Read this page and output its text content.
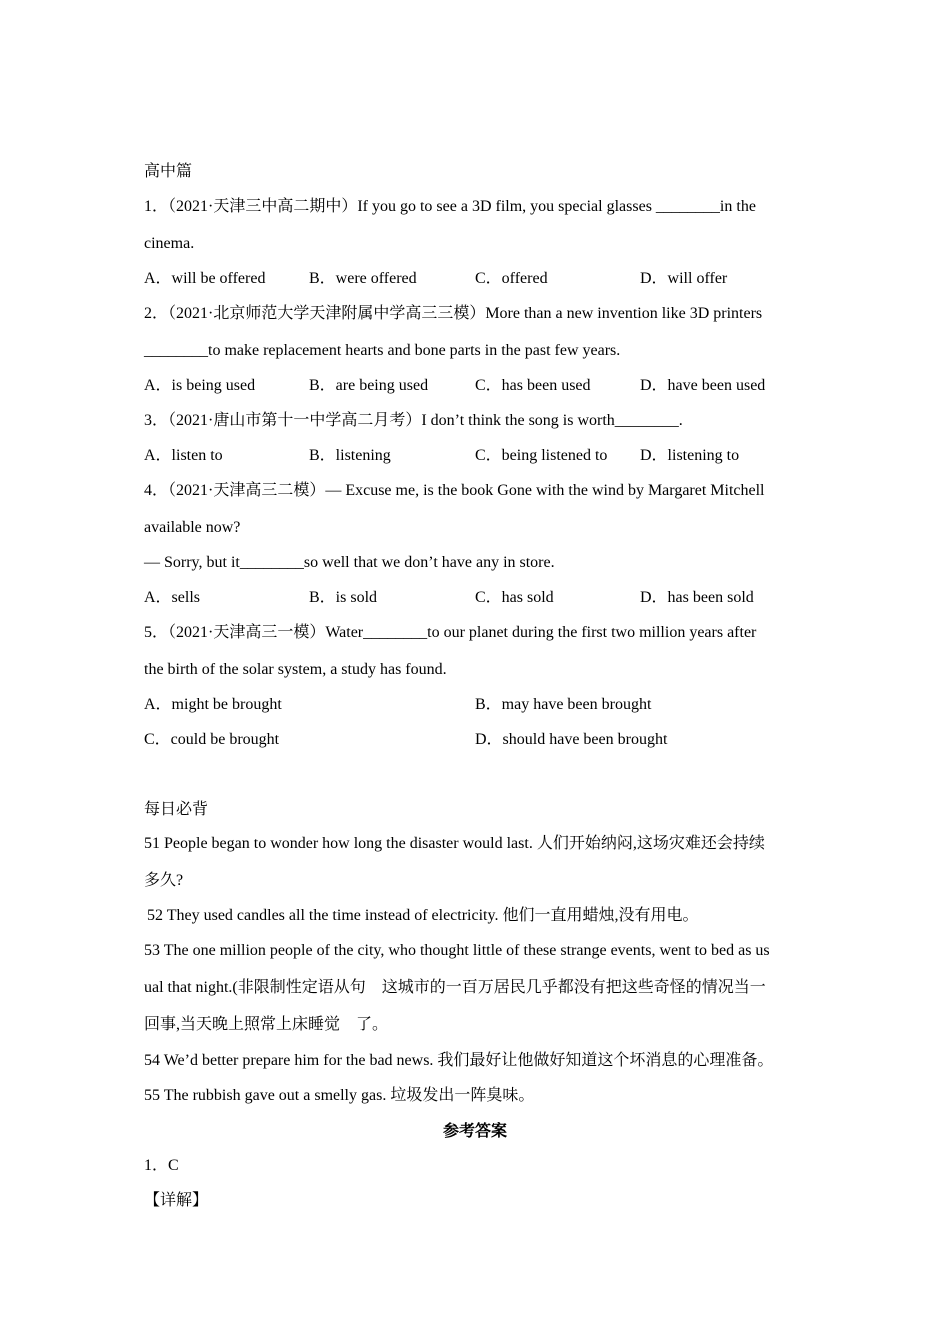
高中篇
1．（2021·天津三中高二期中）If you go to see a 3D film, you special glasses ________in the
cinema.
A．will be offered	B．were offered	C．offered	D．will offer
2．（2021·北京师范大学天津附属中学高三三模）More than a new invention like 3D printers
________to make replacement hearts and bone parts in the past few years.
A．is being used	B．are being used	C．has been used	D．have been used
3．（2021·唐山市第十一中学高二月考）I don’t think the song is worth________.
A．listen to	B．listening	C．being listened to D．listening to
4．（2021·天津高三二模）— Excuse me, is the book Gone with the wind by Margaret Mitchell
available now?
— Sorry, but it________so well that we don’t have any in store.
A．sells	B．is sold	C．has sold	D．has been sold
5．（2021·天津高三一模）Water________to our planet during the first two million years after
the birth of the solar system, a study has found.
A．might be brought	B．may have been brought
C．could be brought	D．should have been brought
每日必背
51 People began to wonder how long the disaster would last. 人们开始纳闷,这场灾难还会持续
多久?
52 They used candles all the time instead of electricity. 他们一直用蜡烛,没有用电。
53 The one million people of the city, who thought little of these strange events, went to bed as us
ual that night.(非限制性定语从句　这城市的一百万居民几乎都没有把这些奇怪的情况当一
回事,当天晚上照常上床睡觉　了。
54 We’d better prepare him for the bad news. 我们最好让他做好知道这个坏消息的心理准备。
55 The rubbish gave out a smelly gas. 垃圾发出一阵臭味。
参考答案
1．C
【详解】
